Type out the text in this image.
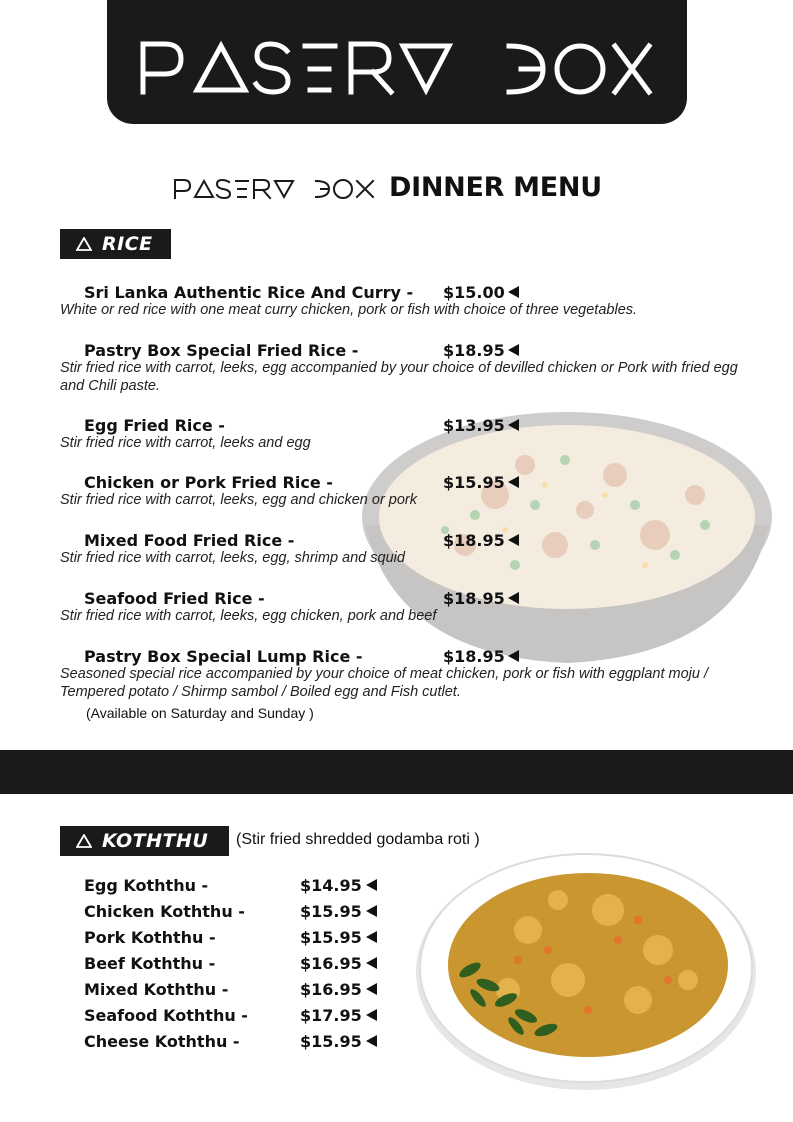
DINNER MENU
RICE
Sri Lanka Authentic Rice And Curry - $15.00
White or red rice with one meat curry chicken, pork or fish with choice of three vegetables.
Pastry Box Special Fried Rice -	$18.95
Stir fried rice with carrot, leeks, egg accompanied by your choice of devilled chicken or Pork with fried egg and Chili paste.
Egg Fried Rice -	$13.95
Stir fried rice with carrot, leeks and egg
Chicken or Pork Fried Rice -	$15.95
Stir fried rice with carrot, leeks, egg and chicken or pork
Mixed Food Fried Rice -	$18.95
Stir fried rice with carrot, leeks, egg, shrimp and squid
Seafood Fried Rice -	$18.95
Stir fried rice with carrot, leeks, egg chicken, pork and beef
Pastry Box Special Lump Rice -	$18.95
Seasoned special rice accompanied by your choice of meat chicken, pork or fish with eggplant moju / Tempered potato / Shirmp sambol / Boiled egg and Fish cutlet.
(Available on Saturday and Sunday )
KOTHTHU (Stir fried shredded godamba roti )
Egg Koththu -	$14.95
Chicken Koththu -	$15.95
Pork Koththu -	$15.95
Beef Koththu -	$16.95
Mixed Koththu -	$16.95
Seafood Koththu -	$17.95
Cheese Koththu -	$15.95
